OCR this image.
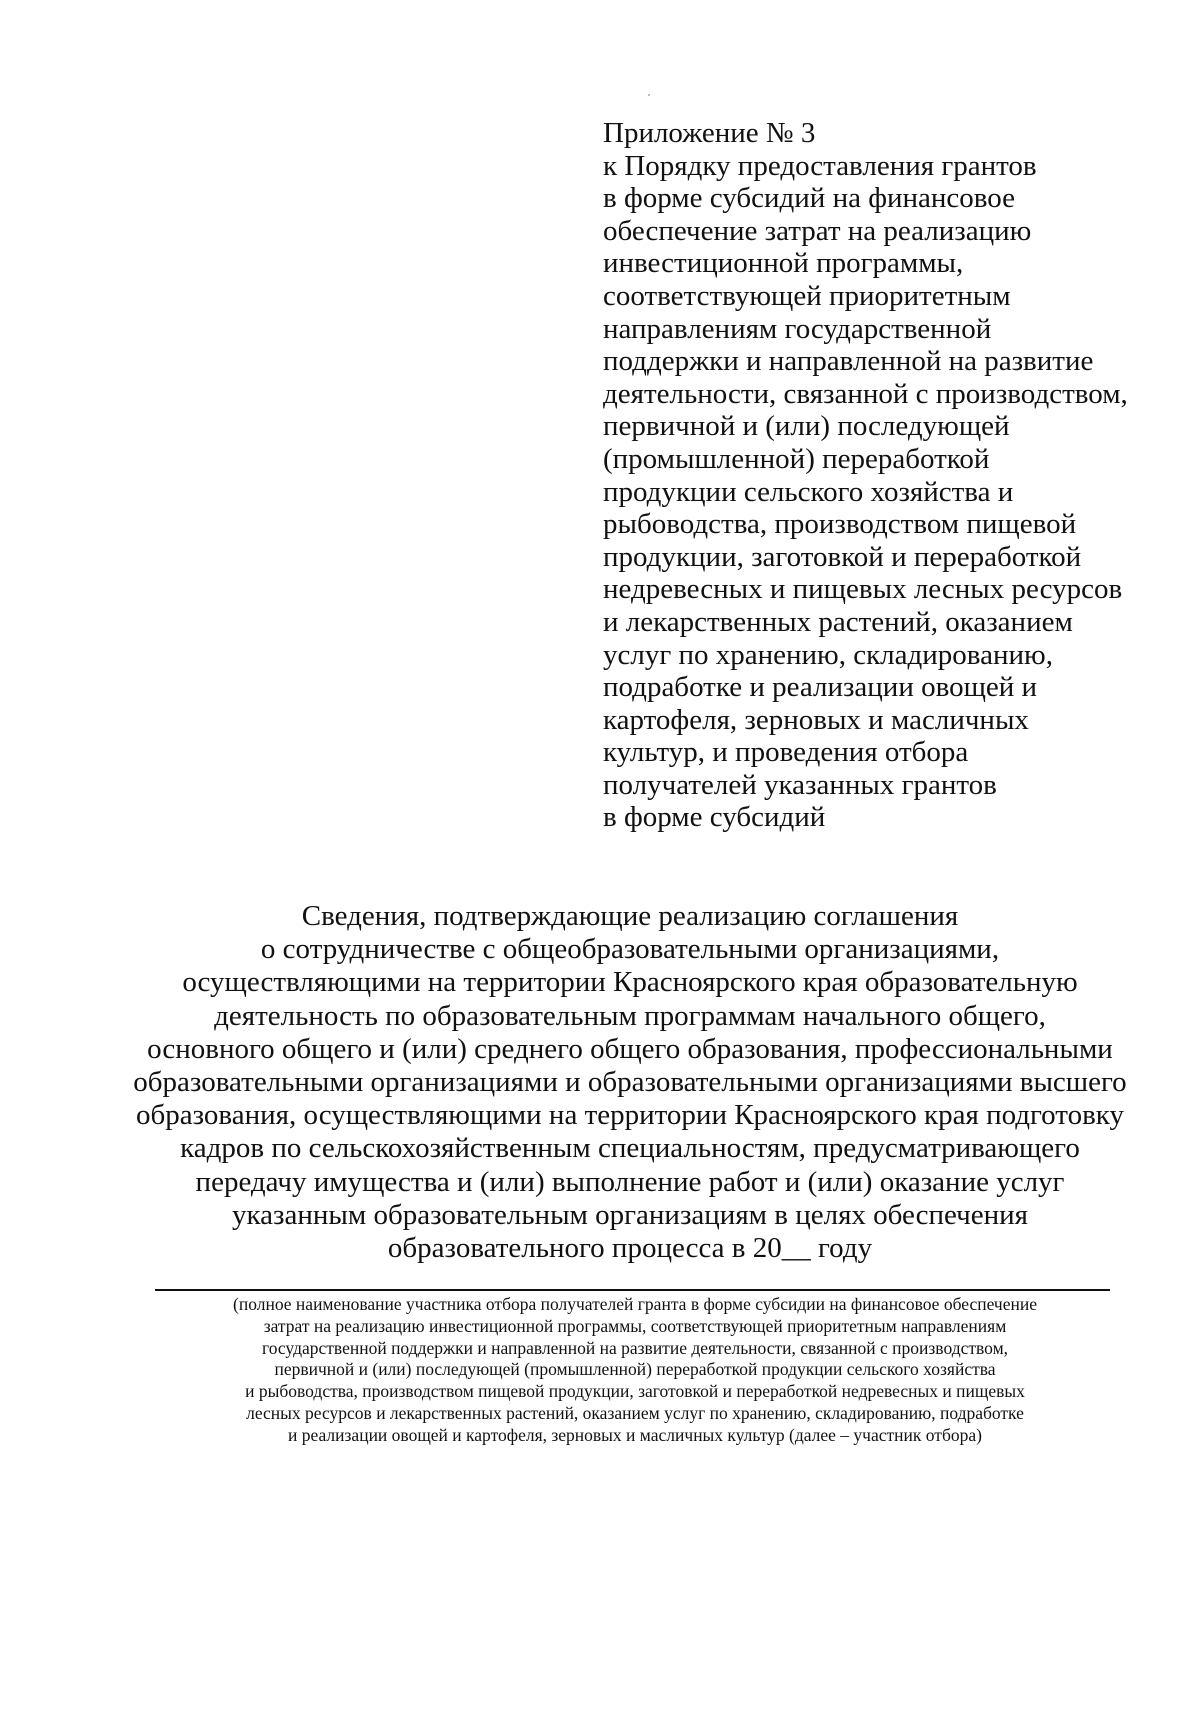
Приложение № 3
к Порядку предоставления грантов
в форме субсидий на финансовое
обеспечение затрат на реализацию
инвестиционной программы,
соответствующей приоритетным
направлениям государственной
поддержки и направленной на развитие
деятельности, связанной с производством,
первичной и (или) последующей
(промышленной) переработкой
продукции сельского хозяйства и
рыбоводства, производством пищевой
продукции, заготовкой и переработкой
недревесных и пищевых лесных ресурсов
и лекарственных растений, оказанием
услуг по хранению, складированию,
подработке и реализации овощей и
картофеля, зерновых и масличных
культур, и проведения отбора
получателей указанных грантов
в форме субсидий
Сведения, подтверждающие реализацию соглашения
о сотрудничестве с общеобразовательными организациями,
осуществляющими на территории Красноярского края образовательную
деятельность по образовательным программам начального общего,
основного общего и (или) среднего общего образования, профессиональными
образовательными организациями и образовательными организациями высшего
образования, осуществляющими на территории Красноярского края подготовку
кадров по сельскохозяйственным специальностям, предусматривающего
передачу имущества и (или) выполнение работ и (или) оказание услуг
указанным образовательным организациям в целях обеспечения
образовательного процесса в 20__ году
(полное наименование участника отбора получателей гранта в форме субсидии на финансовое обеспечение
затрат на реализацию инвестиционной программы, соответствующей приоритетным направлениям
государственной поддержки и направленной на развитие деятельности, связанной с производством,
первичной и (или) последующей (промышленной) переработкой продукции сельского хозяйства
и рыбоводства, производством пищевой продукции, заготовкой и переработкой недревесных и пищевых
лесных ресурсов и лекарственных растений, оказанием услуг по хранению, складированию, подработке
и реализации овощей и картофеля, зерновых и масличных культур (далее – участник отбора)
